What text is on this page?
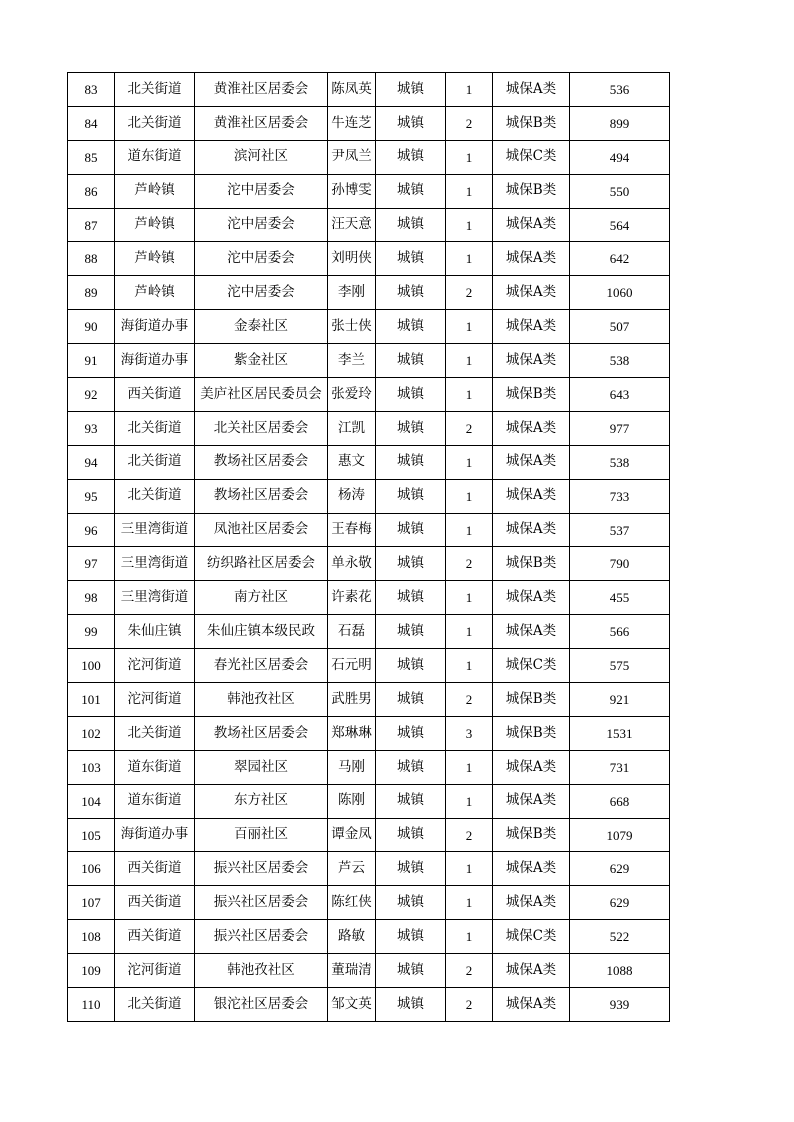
83	北关街道	黄淮社区居委会	陈凤英	城镇	1	城保A类	536
84	北关街道	黄淮社区居委会	牛连芝	城镇	2	城保B类	899
85	道东街道	滨河社区	尹凤兰	城镇	1	城保C类	494
86	芦岭镇	沱中居委会	孙博雯	城镇	1	城保B类	550
87	芦岭镇	沱中居委会	汪天意	城镇	1	城保A类	564
88	芦岭镇	沱中居委会	刘明侠	城镇	1	城保A类	642
89	芦岭镇	沱中居委会	李刚	城镇	2	城保A类	1060
90	海街道办事	金泰社区	张士侠	城镇	1	城保A类	507
91	海街道办事	紫金社区	李兰	城镇	1	城保A类	538
92	西关街道	美庐社区居民委员会	张爱玲	城镇	1	城保B类	643
93	北关街道	北关社区居委会	江凯	城镇	2	城保A类	977
94	北关街道	教场社区居委会	惠文	城镇	1	城保A类	538
95	北关街道	教场社区居委会	杨涛	城镇	1	城保A类	733
96	三里湾街道	凤池社区居委会	王春梅	城镇	1	城保A类	537
97	三里湾街道	纺织路社区居委会	单永敬	城镇	2	城保B类	790
98	三里湾街道	南方社区	许素花	城镇	1	城保A类	455
99	朱仙庄镇	朱仙庄镇本级民政	石磊	城镇	1	城保A类	566
100	沱河街道	春光社区居委会	石元明	城镇	1	城保C类	575
101	沱河街道	韩池孜社区	武胜男	城镇	2	城保B类	921
102	北关街道	教场社区居委会	郑琳琳	城镇	3	城保B类	1531
103	道东街道	翠园社区	马刚	城镇	1	城保A类	731
104	道东街道	东方社区	陈刚	城镇	1	城保A类	668
105	海街道办事	百丽社区	谭金凤	城镇	2	城保B类	1079
106	西关街道	振兴社区居委会	芦云	城镇	1	城保A类	629
107	西关街道	振兴社区居委会	陈红侠	城镇	1	城保A类	629
108	西关街道	振兴社区居委会	路敏	城镇	1	城保C类	522
109	沱河街道	韩池孜社区	董瑞清	城镇	2	城保A类	1088
110	北关街道	银沱社区居委会	邹文英	城镇	2	城保A类	939
